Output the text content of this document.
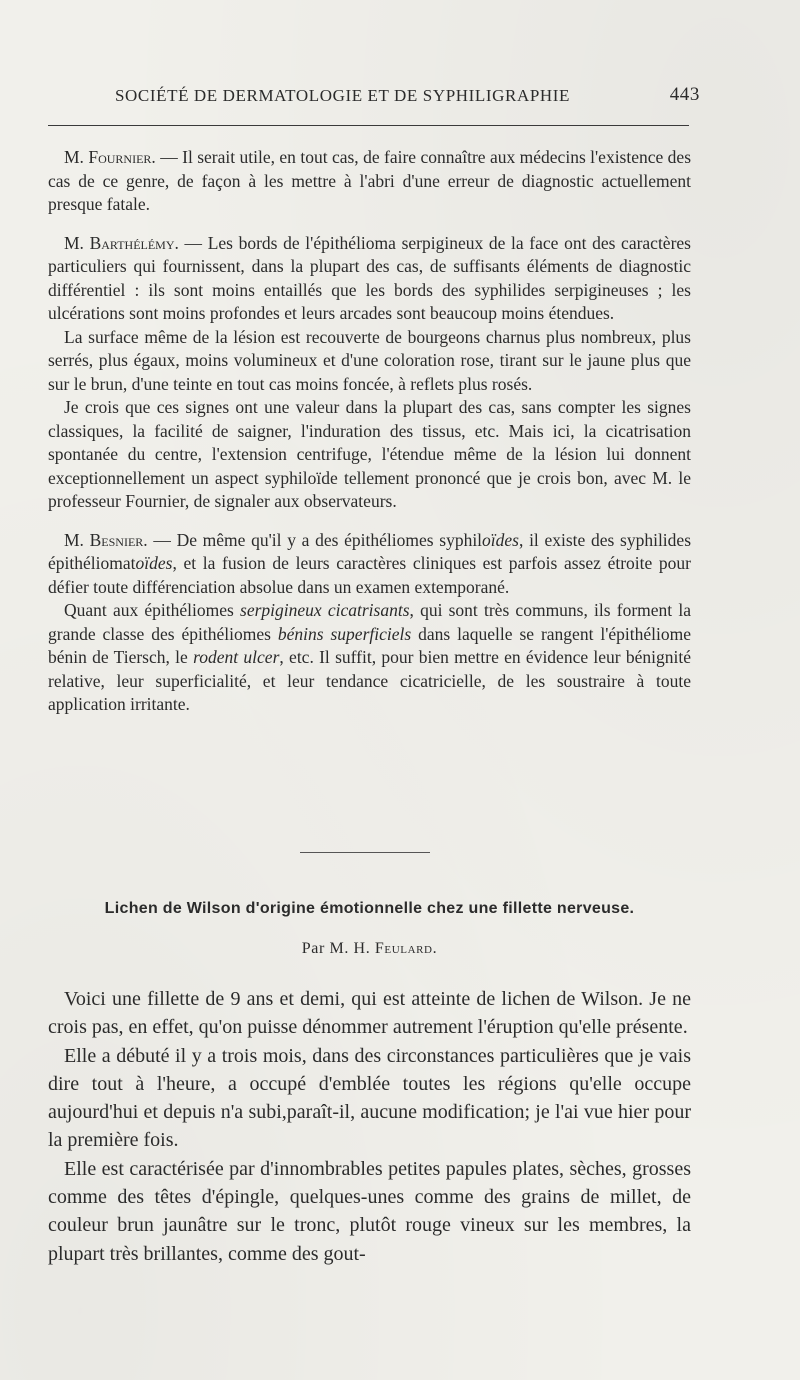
SOCIÉTÉ DE DERMATOLOGIE ET DE SYPHILIGRAPHIE	443

M. Fournier. — Il serait utile, en tout cas, de faire connaître aux médecins l'existence des cas de ce genre, de façon à les mettre à l'abri d'une erreur de diagnostic actuellement presque fatale.

M. Barthélémy. — Les bords de l'épithélioma serpigineux de la face ont des caractères particuliers qui fournissent, dans la plupart des cas, de suffisants éléments de diagnostic différentiel : ils sont moins entaillés que les bords des syphilides serpigineuses ; les ulcérations sont moins profondes et leurs arcades sont beaucoup moins étendues.

La surface même de la lésion est recouverte de bourgeons charnus plus nombreux, plus serrés, plus égaux, moins volumineux et d'une coloration rose, tirant sur le jaune plus que sur le brun, d'une teinte en tout cas moins foncée, à reflets plus rosés.

Je crois que ces signes ont une valeur dans la plupart des cas, sans compter les signes classiques, la facilité de saigner, l'induration des tissus, etc. Mais ici, la cicatrisation spontanée du centre, l'extension centrifuge, l'étendue même de la lésion lui donnent exceptionnellement un aspect syphiloïde tellement prononcé que je crois bon, avec M. le professeur Fournier, de signaler aux observateurs.

M. Besnier. — De même qu'il y a des épithéliomes syphiloïdes, il existe des syphilides épithéliomatoïdes, et la fusion de leurs caractères cliniques est parfois assez étroite pour défier toute différenciation absolue dans un examen extemporané.

Quant aux épithéliomes serpigineux cicatrisants, qui sont très communs, ils forment la grande classe des épithéliomes bénins superficiels dans laquelle se rangent l'épithéliome bénin de Tiersch, le rodent ulcer, etc. Il suffit, pour bien mettre en évidence leur bénignité relative, leur superficialité, et leur tendance cicatricielle, de les soustraire à toute application irritante.

Lichen de Wilson d'origine émotionnelle chez une fillette nerveuse.
Par M. H. Feulard.

Voici une fillette de 9 ans et demi, qui est atteinte de lichen de Wilson. Je ne crois pas, en effet, qu'on puisse dénommer autrement l'éruption qu'elle présente.

Elle a débuté il y a trois mois, dans des circonstances particulières que je vais dire tout à l'heure, a occupé d'emblée toutes les régions qu'elle occupe aujourd'hui et depuis n'a subi,paraît-il, aucune modification; je l'ai vue hier pour la première fois.

Elle est caractérisée par d'innombrables petites papules plates, sèches, grosses comme des têtes d'épingle, quelques-unes comme des grains de millet, de couleur brun jaunâtre sur le tronc, plutôt rouge vineux sur les membres, la plupart très brillantes, comme des gout-
